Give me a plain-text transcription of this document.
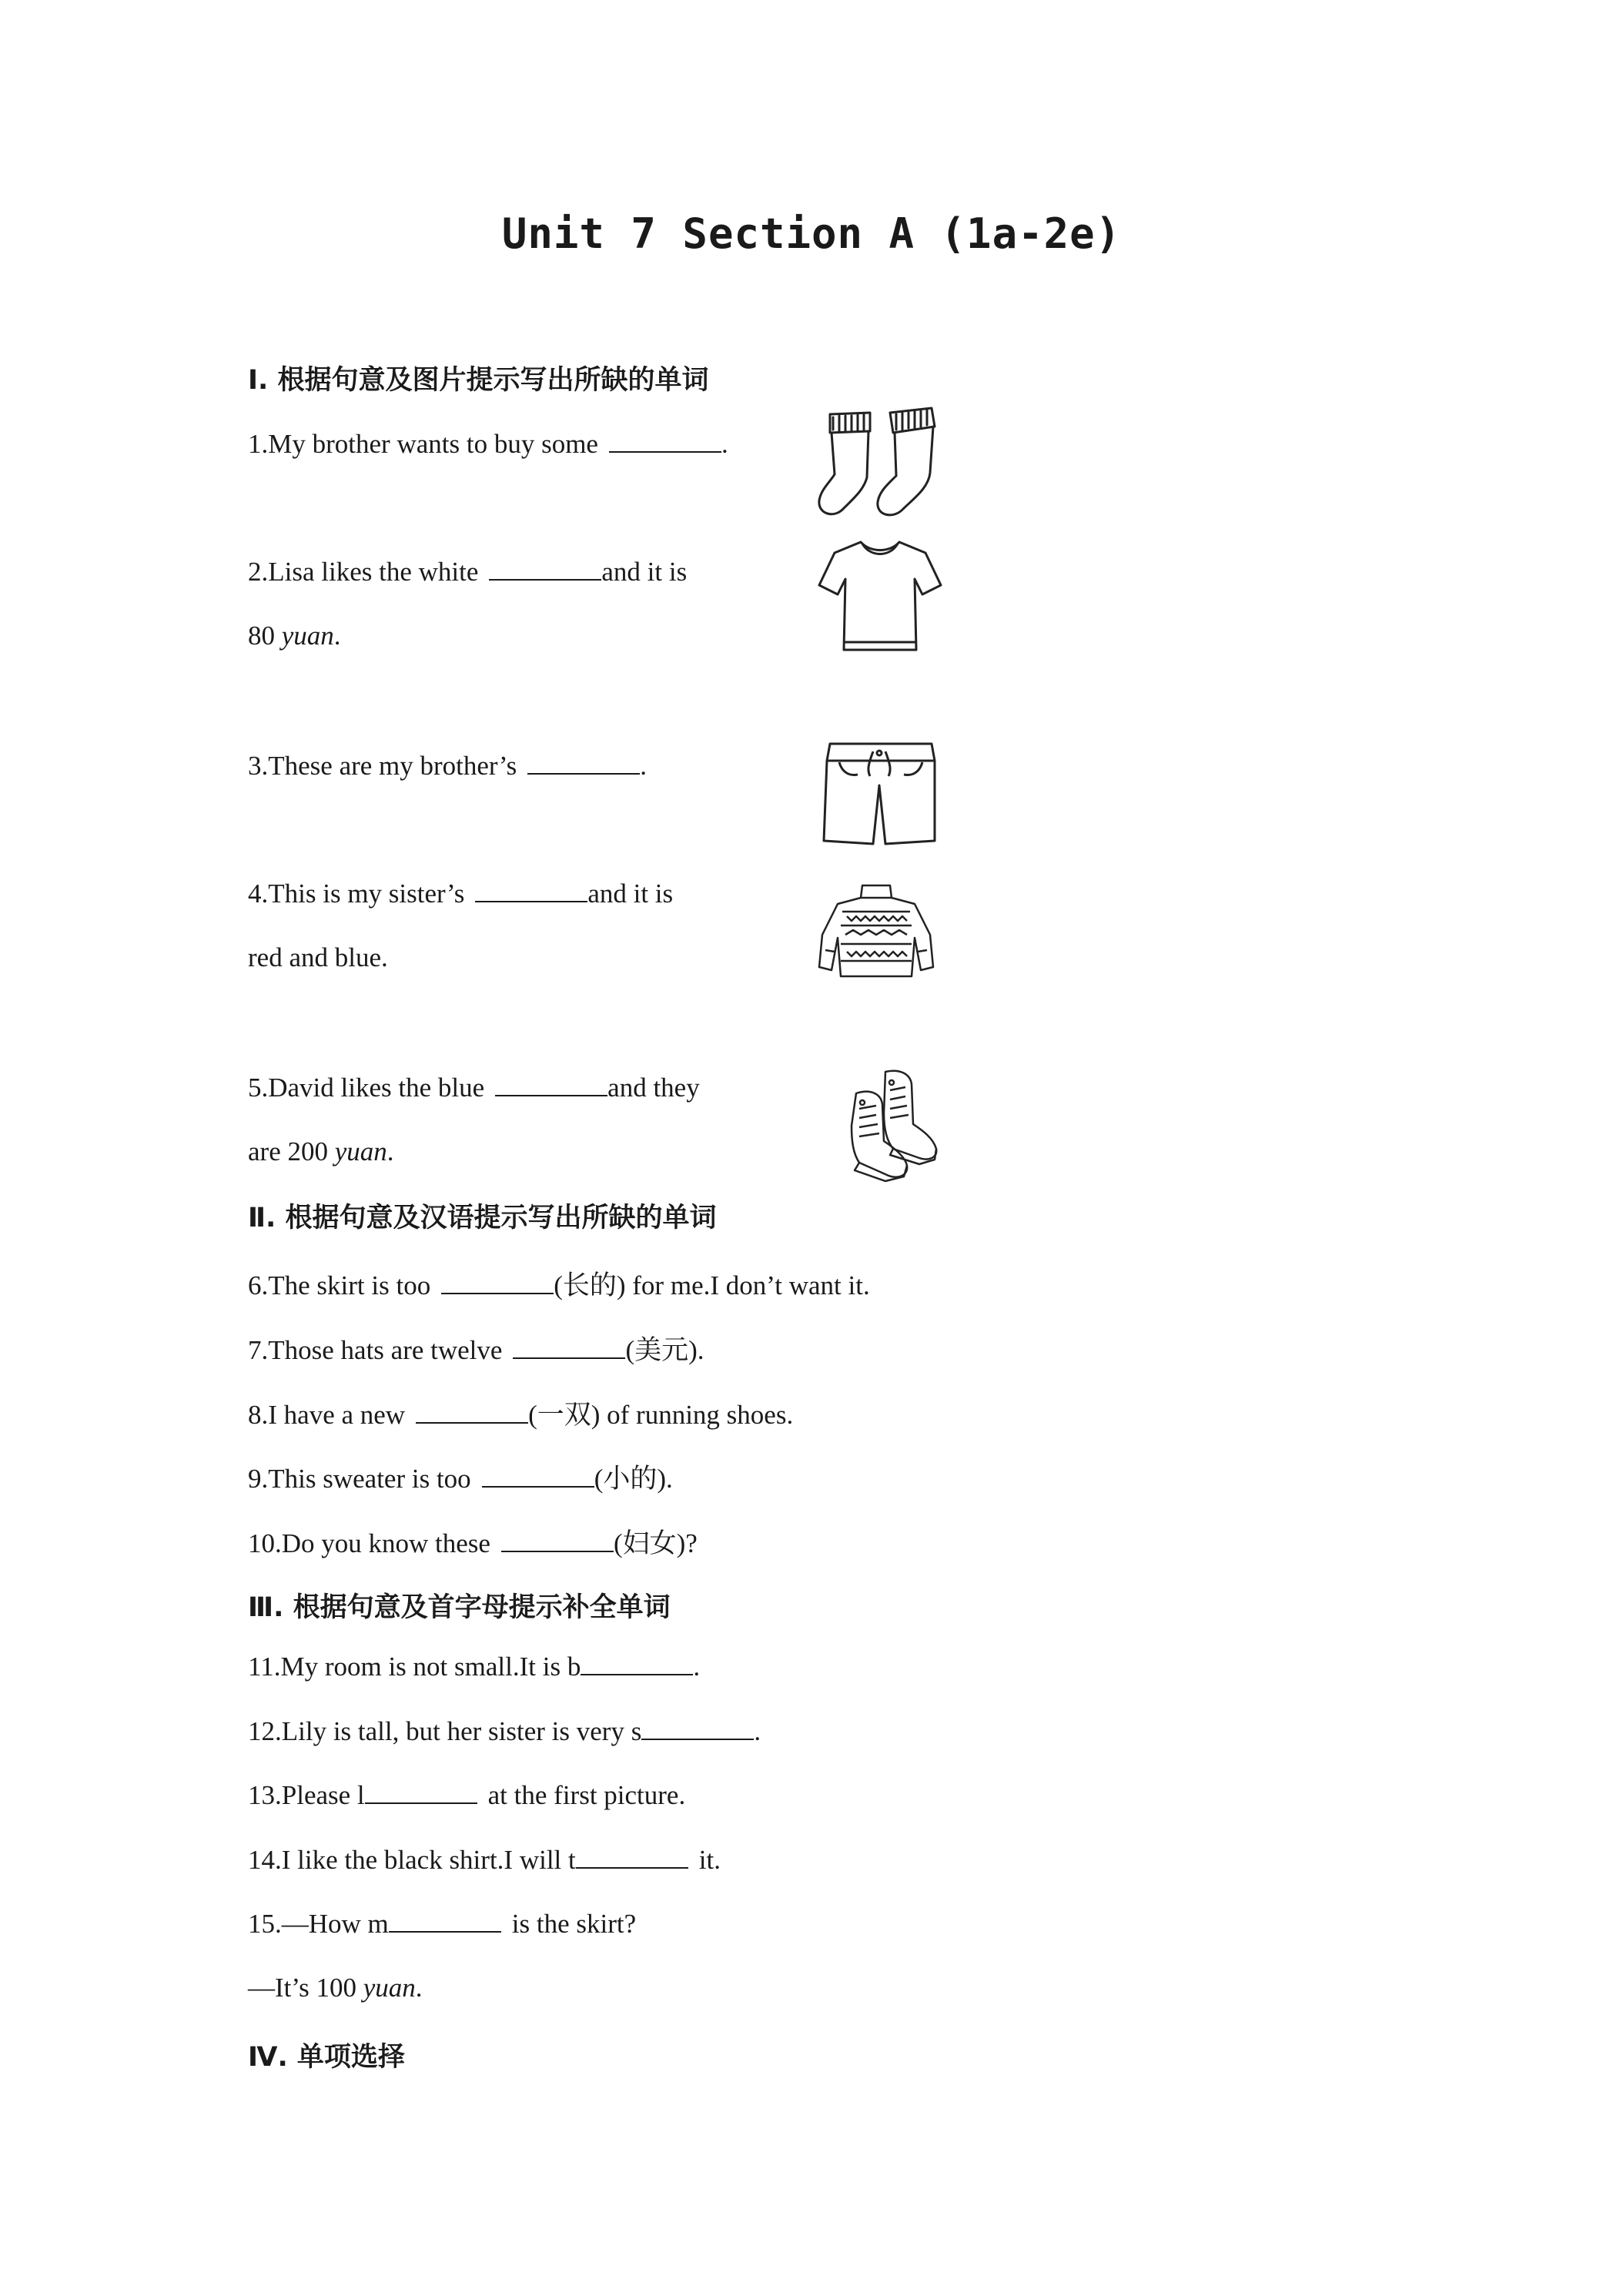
Unit 7 Section A (1a-2e)
Ⅰ. 根据句意及图片提示写出所缺的单词
1.My brother wants to buy some	.
2.Lisa likes the white	and it is
80 yuan.
3.These are my brother’s	.
4.This is my sister’s	and it is
red and blue.
5.David likes the blue	and they
are 200 yuan.
Ⅱ. 根据句意及汉语提示写出所缺的单词
6.The skirt is too	(长的) for me.I don’t want it.
7.Those hats are twelve	(美元).
8.I have a new	(一双) of running shoes.
9.This sweater is too	(小的).
10.Do you know these	(妇女)?
Ⅲ. 根据句意及首字母提示补全单词
11.My room is not small.It is b	.
12.Lily is tall, but her sister is very s	.
13.Please l	at the first picture.
14.I like the black shirt.I will t	it.
15.—How m	is the skirt?
—It’s 100 yuan.
Ⅳ. 单项选择
